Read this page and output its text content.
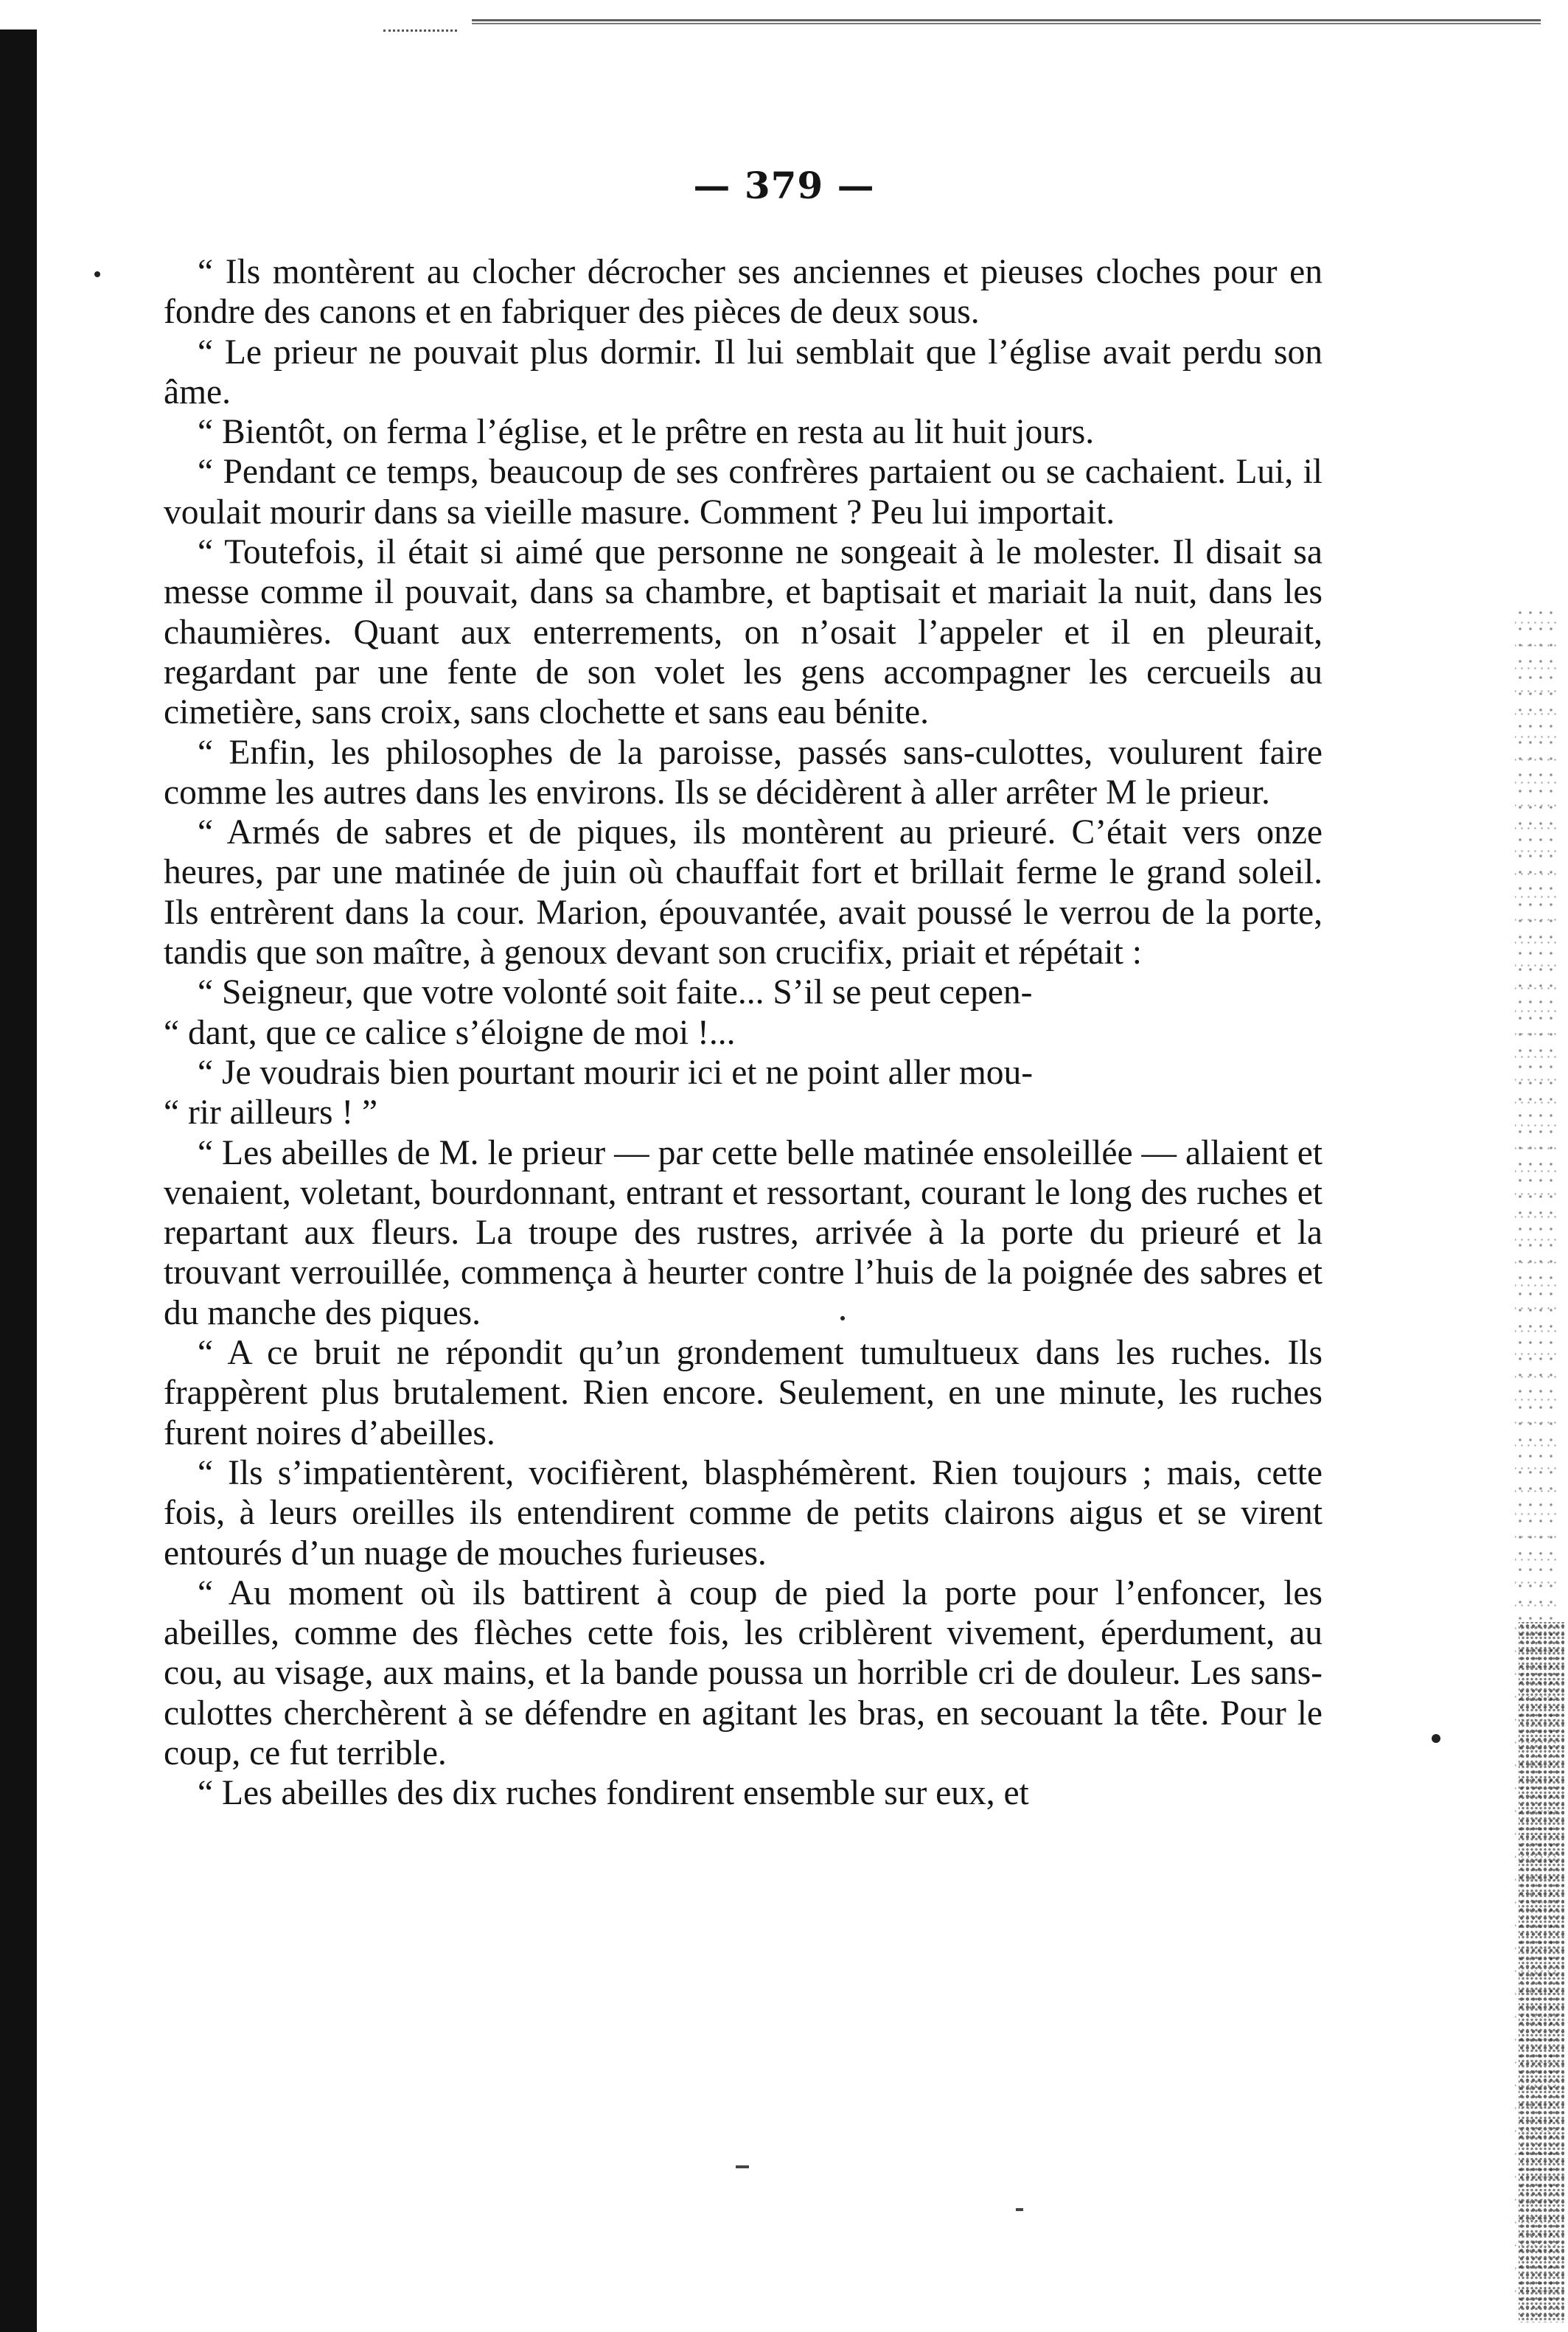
— 379 —

“ Ils montèrent au clocher décrocher ses anciennes et pieuses cloches pour en fondre des canons et en fabriquer des pièces de deux sous.

“ Le prieur ne pouvait plus dormir. Il lui semblait que l’église avait perdu son âme.

“ Bientôt, on ferma l’église, et le prêtre en resta au lit huit jours.

“ Pendant ce temps, beaucoup de ses confrères partaient ou se cachaient. Lui, il voulait mourir dans sa vieille masure. Comment ? Peu lui importait.

“ Toutefois, il était si aimé que personne ne songeait à le molester. Il disait sa messe comme il pouvait, dans sa chambre, et baptisait et mariait la nuit, dans les chaumières. Quant aux enterrements, on n’osait l’appeler et il en pleurait, regardant par une fente de son volet les gens accompagner les cercueils au cimetière, sans croix, sans clochette et sans eau bénite.

“ Enfin, les philosophes de la paroisse, passés sans-culottes, voulurent faire comme les autres dans les environs. Ils se décidèrent à aller arrêter M le prieur.

“ Armés de sabres et de piques, ils montèrent au prieuré. C’était vers onze heures, par une matinée de juin où chauffait fort et brillait ferme le grand soleil. Ils entrèrent dans la cour. Marion, épouvantée, avait poussé le verrou de la porte, tandis que son maître, à genoux devant son crucifix, priait et répétait :

“ Seigneur, que votre volonté soit faite... S’il se peut cepen-

“ dant, que ce calice s’éloigne de moi !...

“ Je voudrais bien pourtant mourir ici et ne point aller mou-

“ rir ailleurs ! ”

“ Les abeilles de M. le prieur — par cette belle matinée ensoleillée — allaient et venaient, voletant, bourdonnant, entrant et ressortant, courant le long des ruches et repartant aux fleurs. La troupe des rustres, arrivée à la porte du prieuré et la trouvant verrouillée, commença à heurter contre l’huis de la poignée des sabres et du manche des piques.

“ A ce bruit ne répondit qu’un grondement tumultueux dans les ruches. Ils frappèrent plus brutalement. Rien encore. Seulement, en une minute, les ruches furent noires d’abeilles.

“ Ils s’impatientèrent, vocifièrent, blasphémèrent. Rien toujours ; mais, cette fois, à leurs oreilles ils entendirent comme de petits clairons aigus et se virent entourés d’un nuage de mouches furieuses.

“ Au moment où ils battirent à coup de pied la porte pour l’enfoncer, les abeilles, comme des flèches cette fois, les criblèrent vivement, éperdument, au cou, au visage, aux mains, et la bande poussa un horrible cri de douleur. Les sans-culottes cherchèrent à se défendre en agitant les bras, en secouant la tête. Pour le coup, ce fut terrible.

“ Les abeilles des dix ruches fondirent ensemble sur eux, et
